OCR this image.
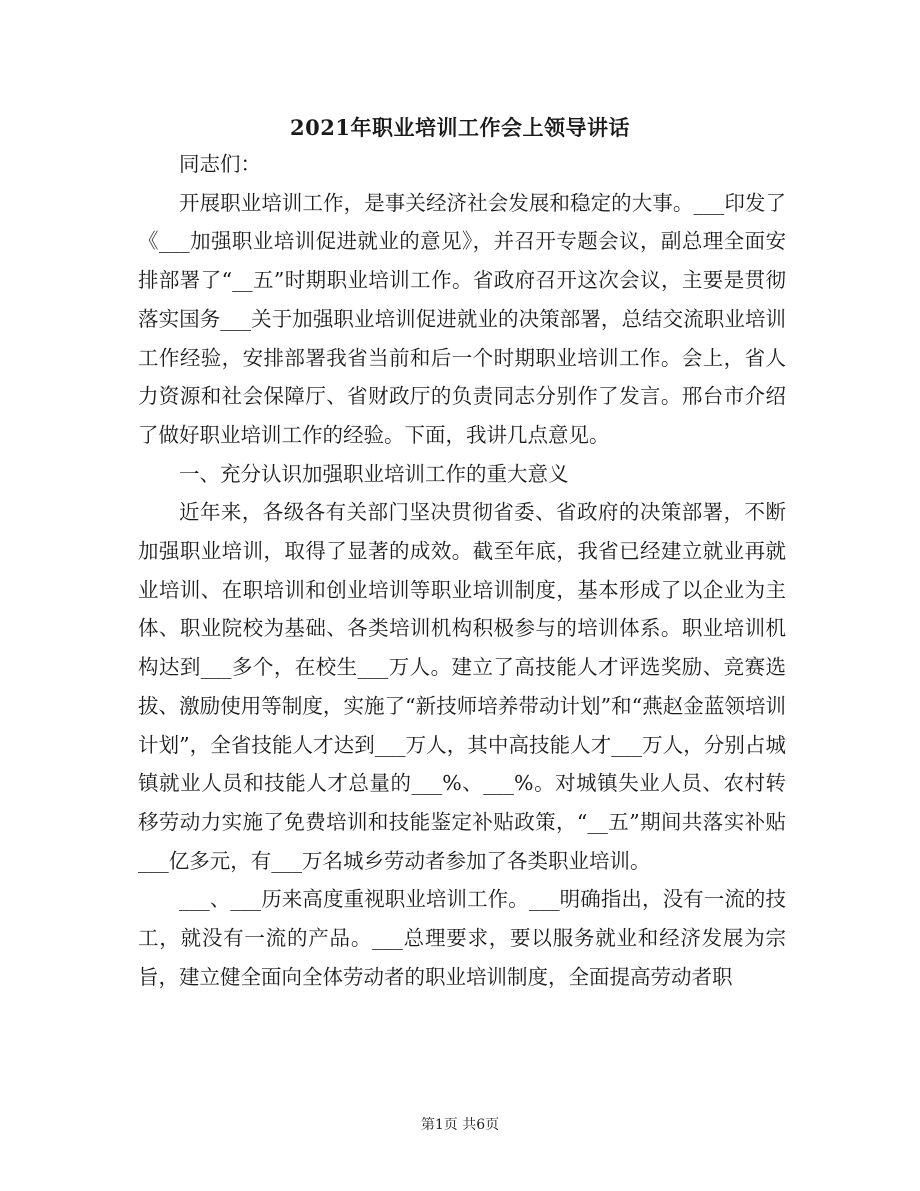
2021年职业培训工作会上领导讲话

同志们：

开展职业培训工作，是事关经济社会发展和稳定的大事。___印发了《___加强职业培训促进就业的意见》，并召开专题会议，副总理全面安排部署了“__五”时期职业培训工作。省政府召开这次会议，主要是贯彻落实国务___关于加强职业培训促进就业的决策部署，总结交流职业培训工作经验，安排部署我省当前和后一个时期职业培训工作。会上，省人力资源和社会保障厅、省财政厅的负责同志分别作了发言。邢台市介绍了做好职业培训工作的经验。下面，我讲几点意见。

一、充分认识加强职业培训工作的重大意义

近年来，各级各有关部门坚决贯彻省委、省政府的决策部署，不断加强职业培训，取得了显著的成效。截至年底，我省已经建立就业再就业培训、在职培训和创业培训等职业培训制度，基本形成了以企业为主体、职业院校为基础、各类培训机构积极参与的培训体系。职业培训机构达到___多个，在校生___万人。建立了高技能人才评选奖励、竞赛选拔、激励使用等制度，实施了“新技师培养带动计划”和“燕赵金蓝领培训计划”，全省技能人才达到___万人，其中高技能人才___万人，分别占城镇就业人员和技能人才总量的___%、___%。对城镇失业人员、农村转移劳动力实施了免费培训和技能鉴定补贴政策，“__五”期间共落实补贴___亿多元，有___万名城乡劳动者参加了各类职业培训。

___、___历来高度重视职业培训工作。___明确指出，没有一流的技工，就没有一流的产品。___总理要求，要以服务就业和经济发展为宗旨，建立健全面向全体劳动者的职业培训制度，全面提高劳动者职

第1页 共6页
